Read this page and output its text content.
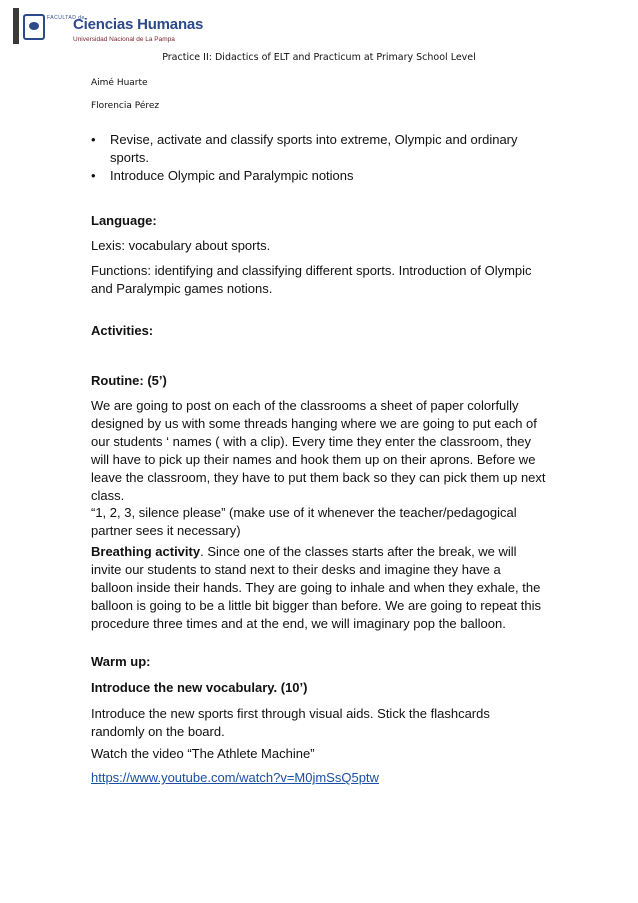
FACULTAD de
Ciencias Humanas
Universidad Nacional de La Pampa
Practice II: Didactics of ELT and Practicum at Primary School Level
Aimé Huarte
Florencia Pérez
• Revise, activate and classify sports into extreme, Olympic and ordinary sports.
• Introduce Olympic and Paralympic notions

Language:

Lexis: vocabulary about sports.

Functions: identifying and classifying different sports. Introduction of Olympic and Paralympic games notions.

Activities:

Routine: (5’)

We are going to post on each of the classrooms a sheet of paper colorfully designed by us with some threads hanging where we are going to put each of our students ‘ names ( with a clip). Every time they enter the classroom, they will have to pick up their names and hook them up on their aprons. Before we leave the classroom, they have to put them back so they can pick them up next class.

“1, 2, 3, silence please” (make use of it whenever the teacher/pedagogical partner sees it necessary)

Breathing activity. Since one of the classes starts after the break, we will invite our students to stand next to their desks and imagine they have a balloon inside their hands. They are going to inhale and when they exhale, the balloon is going to be a little bit bigger than before. We are going to repeat this procedure three times and at the end, we will imaginary pop the balloon.

Warm up:

Introduce the new vocabulary. (10’)

Introduce the new sports first through visual aids. Stick the flashcards randomly on the board.

Watch the video “The Athlete Machine”

https://www.youtube.com/watch?v=M0jmSsQ5ptw
